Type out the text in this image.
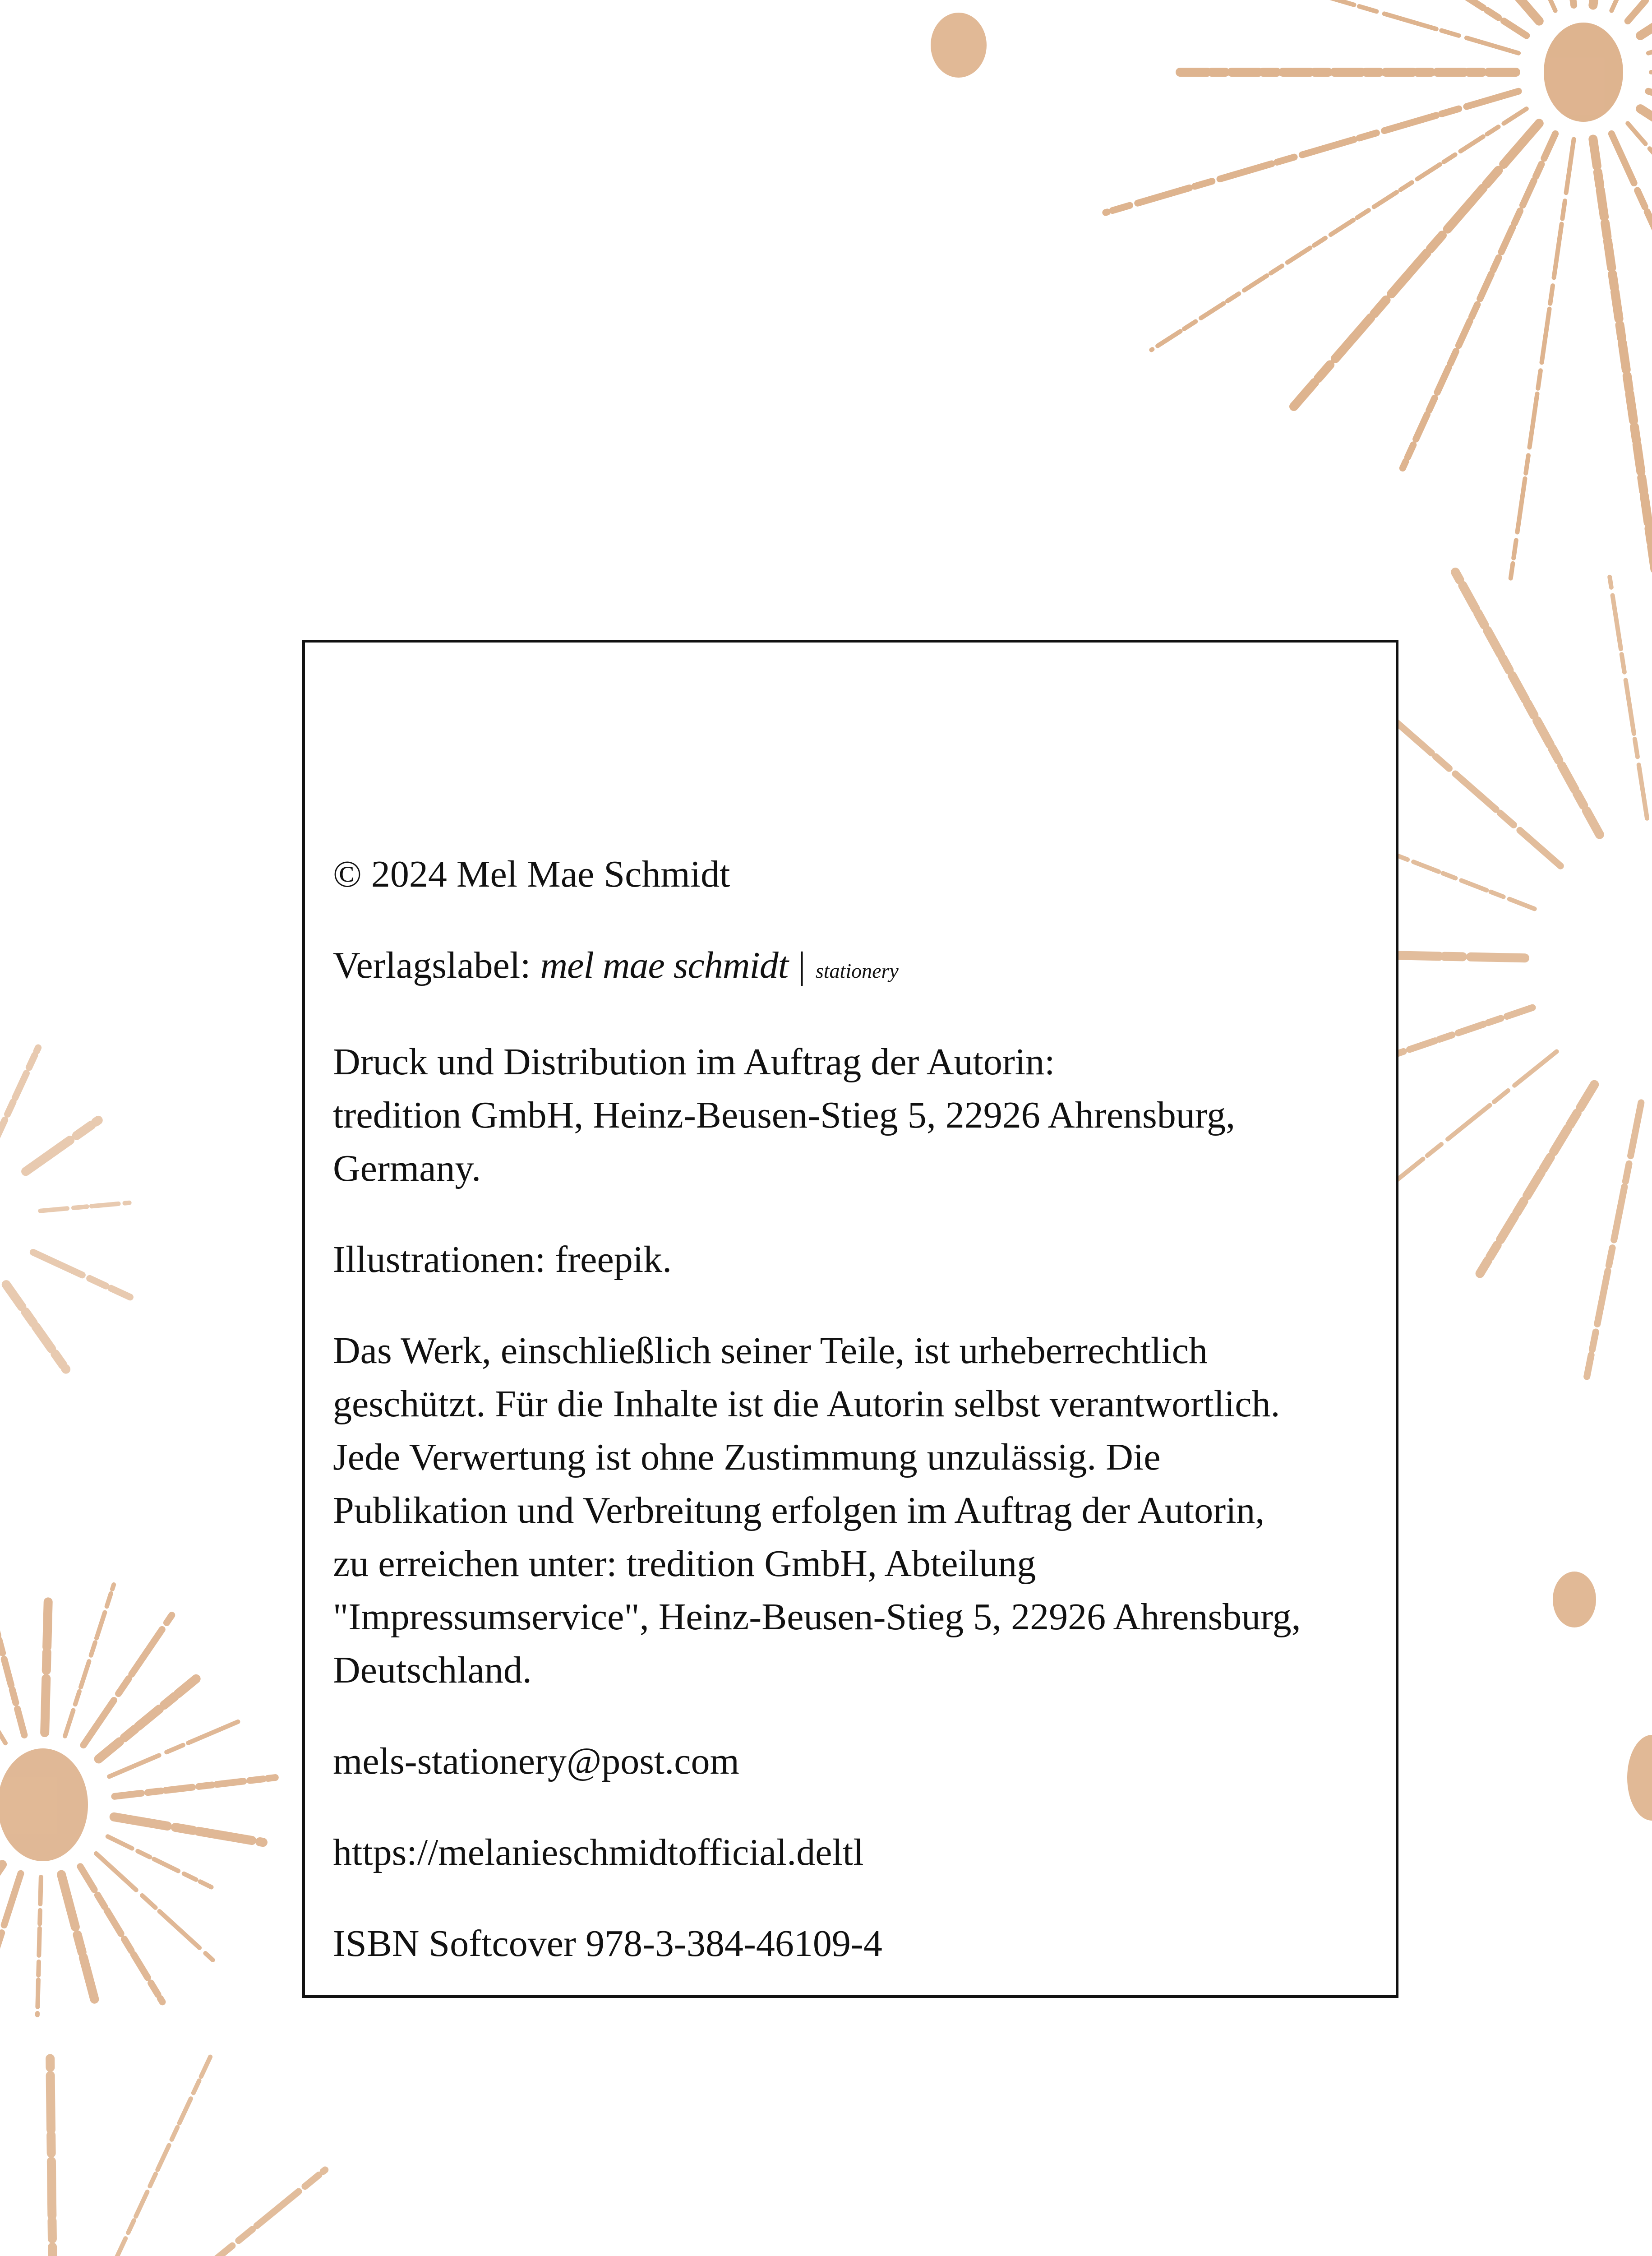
© 2024 Mel Mae Schmidt

Verlagslabel: mel mae schmidt | stationery

Druck und Distribution im Auftrag der Autorin:
tredition GmbH, Heinz-Beusen-Stieg 5, 22926 Ahrensburg,
Germany.

Illustrationen: freepik.

Das Werk, einschließlich seiner Teile, ist urheberrechtlich
geschützt. Für die Inhalte ist die Autorin selbst verantwortlich.
Jede Verwertung ist ohne Zustimmung unzulässig. Die
Publikation und Verbreitung erfolgen im Auftrag der Autorin,
zu erreichen unter: tredition GmbH, Abteilung
"Impressumservice", Heinz-Beusen-Stieg 5, 22926 Ahrensburg,
Deutschland.

mels-stationery@post.com

https://melanieschmidtofficial.deltl

ISBN Softcover 978-3-384-46109-4
